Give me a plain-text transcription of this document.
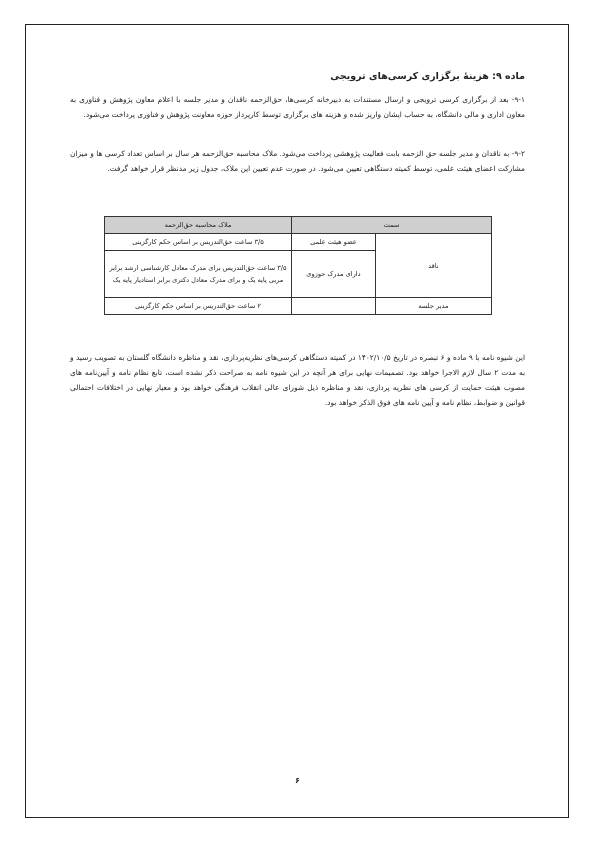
ماده ۹: هزینهٔ برگزاری کرسی‌های ترویجی

۹-۱- بعد از برگزاری کرسی ترویجی و ارسال مستندات به دبیرخانه کرسی‌ها، حق‌الزحمه ناقدان و مدیر جلسه با اعلام معاون پژوهش و فناوری به معاون اداری و مالی دانشگاه، به حساب ایشان واریز شده و هزینه های برگزاری توسط کارپرداز حوزه معاونت پژوهش و فناوری پرداخت می‌شود.

۹-۲- به ناقدان و مدیر جلسه حق الزحمه بابت فعالیت پژوهشی پرداخت می‌شود. ملاک محاسبه حق‌الزحمه هر سال بر اساس تعداد کرسی ها و میزان مشارکت اعضای هیئت علمی، توسط کمیته دستگاهی تعیین می‌شود. در صورت عدم تعیین این ملاک، جدول زیر مدنظر قرار خواهد گرفت.

سمت		ملاک محاسبه حق‌الزحمه
ناقد	عضو هیئت علمی	۳/۵ ساعت حق‌التدریس بر اساس حکم کارگزینی
	دارای مدرک حوزوی	۳/۵ ساعت حق‌التدریس برای مدرک معادل کارشناسی ارشد برابر مربی پایه یک و برای مدرک معادل دکتری برابر استادیار پایه یک
مدیر جلسه		۲ ساعت حق‌التدریس بر اساس حکم کارگزینی

این شیوه نامه با ۹ ماده و ۶ تبصره در تاریخ ۱۴۰۲/۱۰/۵ در کمیته دستگاهی کرسی‌های نظریه‌پردازی، نقد و مناظره دانشگاه گلستان به تصویب رسید و به مدت ۲ سال لازم الاجرا خواهد بود. تصمیمات نهایی برای هر آنچه در این شیوه نامه به صراحت ذکر نشده است، تابع نظام نامه و آیین‌نامه های مصوب هیئت حمایت از کرسی های نظریه پردازی، نقد و مناظره ذیل شورای عالی انقلاب فرهنگی خواهد بود و معیار نهایی در اختلافات احتمالی قوانین و ضوابط، نظام نامه و آیین نامه های فوق الذکر خواهد بود.

۶
